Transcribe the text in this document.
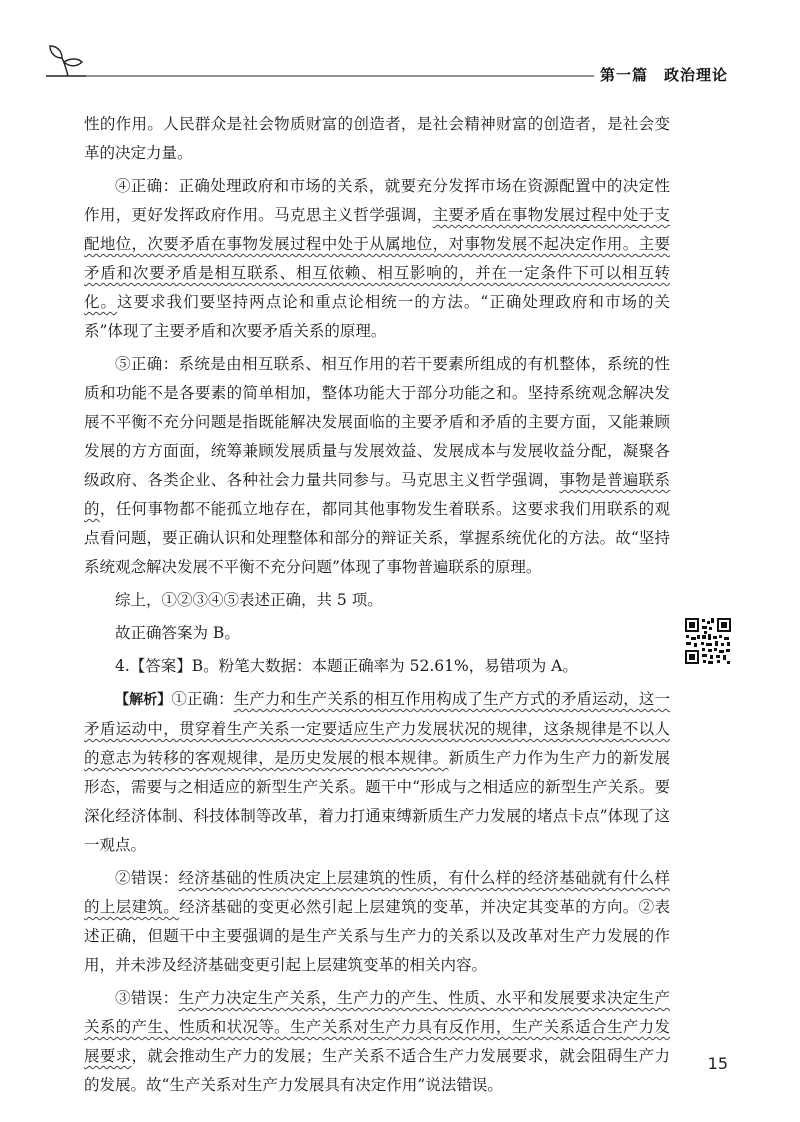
第一篇　政治理论

性的作用。人民群众是社会物质财富的创造者，是社会精神财富的创造者，是社会变革的决定力量。

④正确：正确处理政府和市场的关系，就要充分发挥市场在资源配置中的决定性作用，更好发挥政府作用。马克思主义哲学强调，主要矛盾在事物发展过程中处于支配地位，次要矛盾在事物发展过程中处于从属地位，对事物发展不起决定作用。主要矛盾和次要矛盾是相互联系、相互依赖、相互影响的，并在一定条件下可以相互转化。这要求我们要坚持两点论和重点论相统一的方法。“正确处理政府和市场的关系”体现了主要矛盾和次要矛盾关系的原理。

⑤正确：系统是由相互联系、相互作用的若干要素所组成的有机整体，系统的性质和功能不是各要素的简单相加，整体功能大于部分功能之和。坚持系统观念解决发展不平衡不充分问题是指既能解决发展面临的主要矛盾和矛盾的主要方面，又能兼顾发展的方方面面，统筹兼顾发展质量与发展效益、发展成本与发展收益分配，凝聚各级政府、各类企业、各种社会力量共同参与。马克思主义哲学强调，事物是普遍联系的，任何事物都不能孤立地存在，都同其他事物发生着联系。这要求我们用联系的观点看问题，要正确认识和处理整体和部分的辩证关系，掌握系统优化的方法。故“坚持系统观念解决发展不平衡不充分问题”体现了事物普遍联系的原理。

综上，①②③④⑤表述正确，共 5 项。

故正确答案为 B。

4.【答案】B。粉笔大数据：本题正确率为 52.61%，易错项为 A。

【解析】①正确：生产力和生产关系的相互作用构成了生产方式的矛盾运动，这一矛盾运动中，贯穿着生产关系一定要适应生产力发展状况的规律，这条规律是不以人的意志为转移的客观规律，是历史发展的根本规律。新质生产力作为生产力的新发展形态，需要与之相适应的新型生产关系。题干中“形成与之相适应的新型生产关系。要深化经济体制、科技体制等改革，着力打通束缚新质生产力发展的堵点卡点”体现了这一观点。

②错误：经济基础的性质决定上层建筑的性质，有什么样的经济基础就有什么样的上层建筑。经济基础的变更必然引起上层建筑的变革，并决定其变革的方向。②表述正确，但题干中主要强调的是生产关系与生产力的关系以及改革对生产力发展的作用，并未涉及经济基础变更引起上层建筑变革的相关内容。

③错误：生产力决定生产关系，生产力的产生、性质、水平和发展要求决定生产关系的产生、性质和状况等。生产关系对生产力具有反作用，生产关系适合生产力发展要求，就会推动生产力的发展；生产关系不适合生产力发展要求，就会阻碍生产力的发展。故“生产关系对生产力发展具有决定作用”说法错误。

15
